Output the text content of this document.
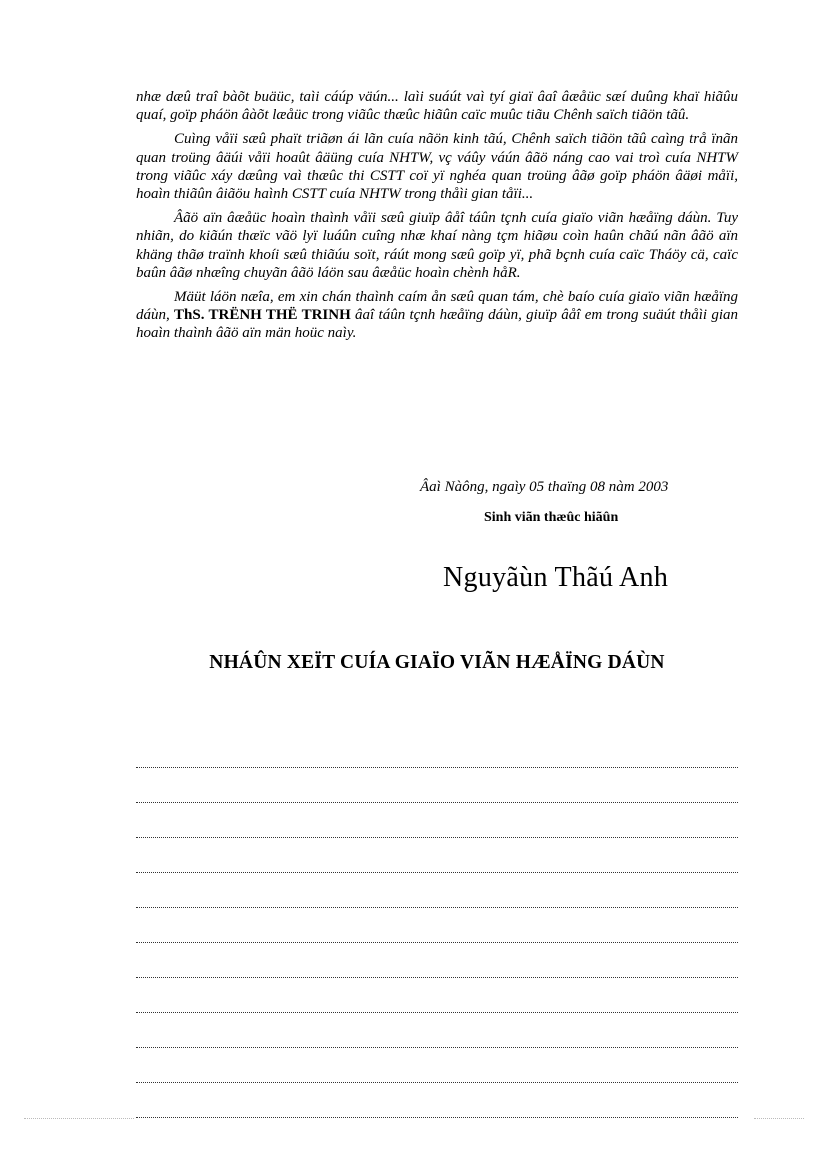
nhæ dæû traî bàõt buäüc, taìi cáúp väún... laìi suáút vaì tyí giaï âaî âæåüc sæí duûng khaï hiãûu quaí, goïp pháön âàõt læåüc trong viãûc thæûc hiãûn caïc muûc tiãu Chênh saïch tiãön tãû.

Cuìng våïi sæû phaït triãøn ái lãn cuía nãön kinh tãú, Chênh saïch tiãön tãû caìng trå ïnãn quan troüng âäúi våïi hoaût âäüng cuía NHTW, vç váûy váún âãö náng cao vai troì cuía NHTW trong viãûc xáy dæûng vaì thæûc thi CSTT coï yï nghéa quan troüng âãø goïp pháön âäøi måïi, hoaìn thiãûn âiãöu haình CSTT cuía NHTW trong thåìi gian tåïi...

Âãö aïn âæåüc hoaìn thaình våïi sæû giuïp âåî táûn tçnh cuía giaïo viãn hæåïng dáùn. Tuy nhiãn, do kiãún thæïc vãö lyï luáûn cuîng nhæ khaí nàng tçm hiãøu coìn haûn chãú nãn âãö aïn khäng thãø traïnh khoíi sæû thiãúu soït, ráút mong sæû goïp yï, phã bçnh cuía caïc Tháöy cä, caïc baûn âãø nhæîng chuyãn âãö láön sau âæåüc hoaìn chènh håR.

Mäüt láön næîa, em xin chán thaình caím ån sæû quan tám, chè baío cuía giaïo viãn hæåïng dáùn, ThS. TRËNH THË TRINH âaî táûn tçnh hæåïng dáùn, giuïp âåî em trong suäút thåìi gian hoaìn thaình âãö aïn män hoüc naìy.

Âaì Nàông, ngaìy 05 thaïng 08 nàm 2003
Sinh viãn thæûc hiãûn
Nguyãùn Thãú Anh
NHÁÛN XEÏT CUÍA GIAÏO VIÃN HÆÅÏNG DÁÙN
